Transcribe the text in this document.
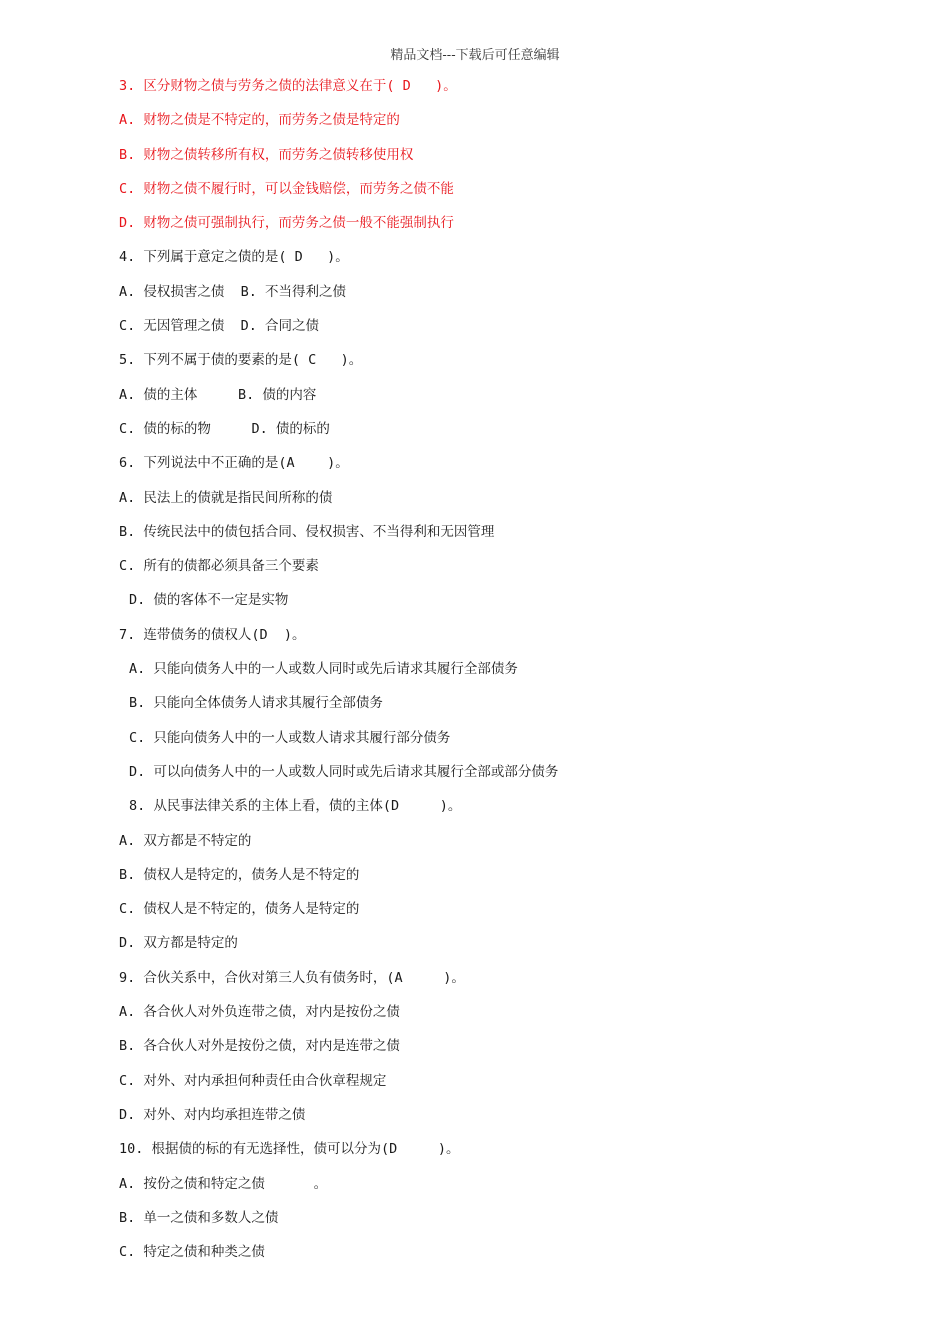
精品文档---下载后可任意编辑
3. 区分财物之债与劳务之债的法律意义在于( D   )。
A. 财物之债是不特定的，而劳务之债是特定的
B. 财物之债转移所有权，而劳务之债转移使用权
C. 财物之债不履行时，可以金钱赔偿，而劳务之债不能
D. 财物之债可强制执行，而劳务之债一般不能强制执行
4. 下列属于意定之债的是( D   )。
A. 侵权损害之债  B. 不当得利之债
C. 无因管理之债  D. 合同之债
5. 下列不属于债的要素的是( C   )。
A. 债的主体     B. 债的内容
C. 债的标的物     D. 债的标的
6. 下列说法中不正确的是(A    )。
A. 民法上的债就是指民间所称的债
B. 传统民法中的债包括合同、侵权损害、不当得利和无因管理
C. 所有的债都必须具备三个要素
D. 债的客体不一定是实物
7. 连带债务的债权人(D  )。
A. 只能向债务人中的一人或数人同时或先后请求其履行全部债务
B. 只能向全体债务人请求其履行全部债务
C. 只能向债务人中的一人或数人请求其履行部分债务
D. 可以向债务人中的一人或数人同时或先后请求其履行全部或部分债务
8. 从民事法律关系的主体上看，债的主体(D     )。
A. 双方都是不特定的
B. 债权人是特定的，债务人是不特定的
C. 债权人是不特定的，债务人是特定的
D. 双方都是特定的
9. 合伙关系中，合伙对第三人负有债务时，(A     )。
A. 各合伙人对外负连带之债，对内是按份之债
B. 各合伙人对外是按份之债，对内是连带之债
C. 对外、对内承担何种责任由合伙章程规定
D. 对外、对内均承担连带之债
10. 根据债的标的有无选择性，债可以分为(D     )。
A. 按份之债和特定之债      。
B. 单一之债和多数人之债
C. 特定之债和种类之债
